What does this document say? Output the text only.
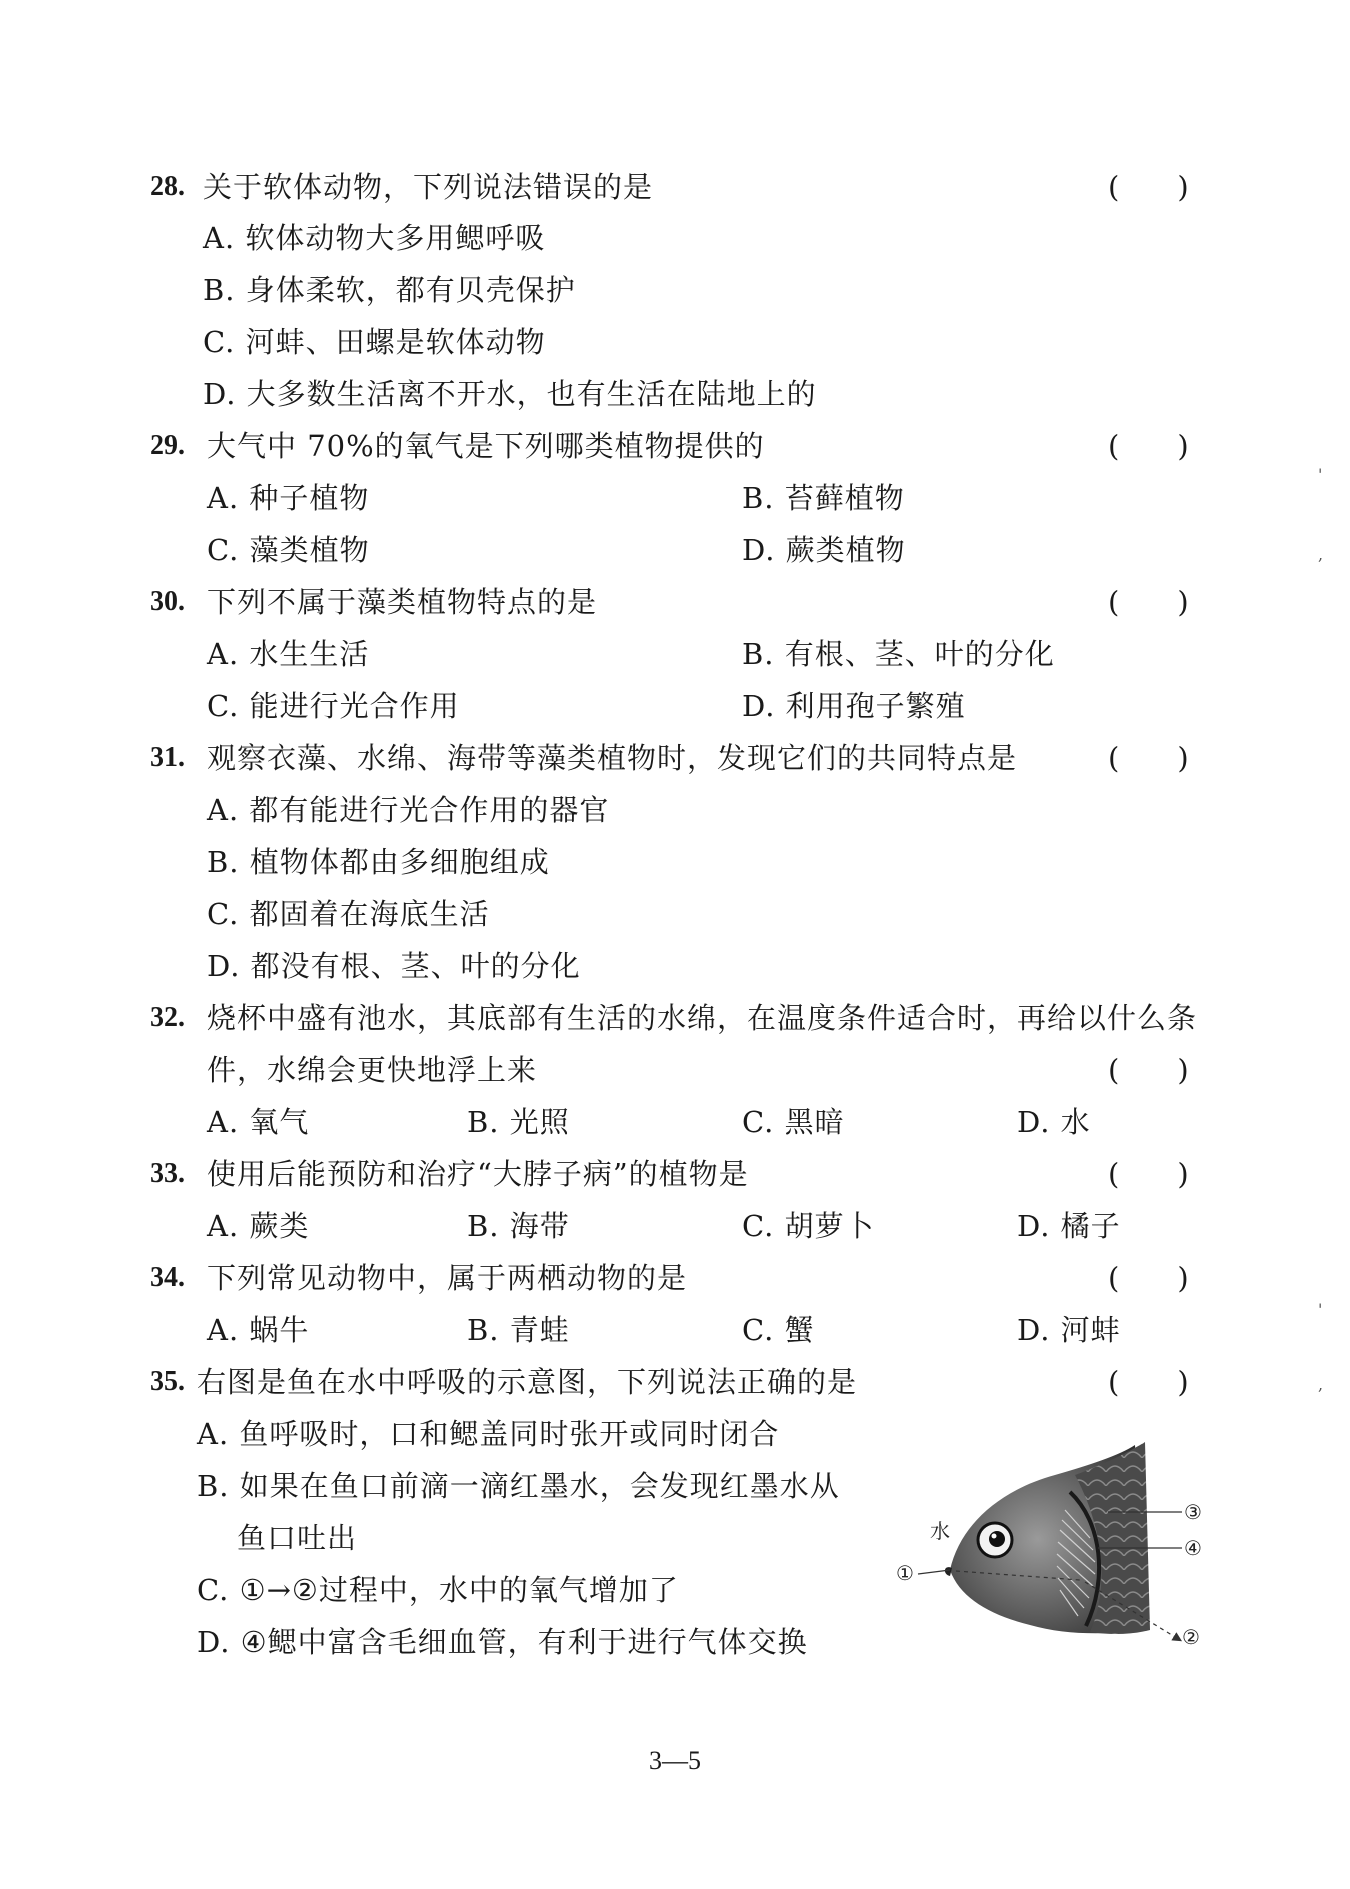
28. 关于软体动物，下列说法错误的是	(　　)
A. 软体动物大多用鳃呼吸
B. 身体柔软，都有贝壳保护
C. 河蚌、田螺是软体动物
D. 大多数生活离不开水，也有生活在陆地上的
29. 大气中 70%的氧气是下列哪类植物提供的	(　　)
A. 种子植物	B. 苔藓植物
C. 藻类植物	D. 蕨类植物
30. 下列不属于藻类植物特点的是	(　　)
A. 水生生活	B. 有根、茎、叶的分化
C. 能进行光合作用	D. 利用孢子繁殖
31. 观察衣藻、水绵、海带等藻类植物时，发现它们的共同特点是	(　　)
A. 都有能进行光合作用的器官
B. 植物体都由多细胞组成
C. 都固着在海底生活
D. 都没有根、茎、叶的分化
32. 烧杯中盛有池水，其底部有生活的水绵，在温度条件适合时，再给以什么条
件，水绵会更快地浮上来	(　　)
A. 氧气	B. 光照	C. 黑暗	D. 水
33. 使用后能预防和治疗“大脖子病”的植物是	(　　)
A. 蕨类	B. 海带	C. 胡萝卜	D. 橘子
34. 下列常见动物中，属于两栖动物的是	(　　)
A. 蜗牛	B. 青蛙	C. 蟹	D. 河蚌
35. 右图是鱼在水中呼吸的示意图，下列说法正确的是	(　　)
A. 鱼呼吸时，口和鳃盖同时张开或同时闭合
B. 如果在鱼口前滴一滴红墨水，会发现红墨水从
鱼口吐出
C. ①→②过程中，水中的氧气增加了
D. ④鳃中富含毛细血管，有利于进行气体交换
水
①
②
③
④
'
,
'
,
3—5
